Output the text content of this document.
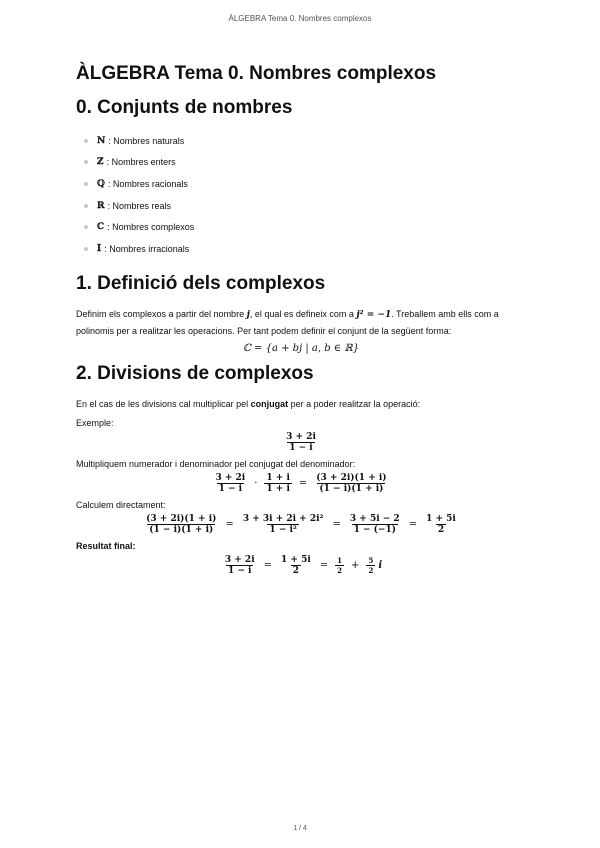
ÀLGEBRA Tema 0. Nombres complexos
ÀLGEBRA Tema 0. Nombres complexos
0. Conjunts de nombres
ℕ : Nombres naturals
ℤ : Nombres enters
ℚ : Nombres racionals
ℝ : Nombres reals
ℂ : Nombres complexos
𝕀 : Nombres irracionals
1. Definició dels complexos

Definim els complexos a partir del nombre j, el qual es defineix com a j² = −1. Treballem amb ells com a polinomis per a realitzar les operacions. Per tant podem definir el conjunt de la següent forma:

ℂ = {a + bj | a, b ∈ ℝ}
2. Divisions de complexos

En el cas de les divisions cal multiplicar pel conjugat per a poder realitzar la operació:

Exemple:
$\frac{3 + 2i}{1 - i}$
Multipliquem numerador i denominador pel conjugat del denominador:
$\frac{3 + 2i}{1 - i} \cdot \frac{1 + i}{1 + i} = \frac{(3 + 2i)(1 + i)}{(1 - i)(1 + i)}$
Calculem directament:
$\frac{(3 + 2i)(1 + i)}{(1 - i)(1 + i)} = \frac{\text{3 + 3i + 2i + 2i²}}{\text{1 − i²}} = \frac{3 + 5i - 2}{1 - (-1)} = \frac{1 + 5i}{2}$
Resultat final:
$\frac{3 + 2i}{1 - i} = \frac{1 + 5i}{2} = \frac{1}{2} + \frac{5}{2}$ i
1 / 4
